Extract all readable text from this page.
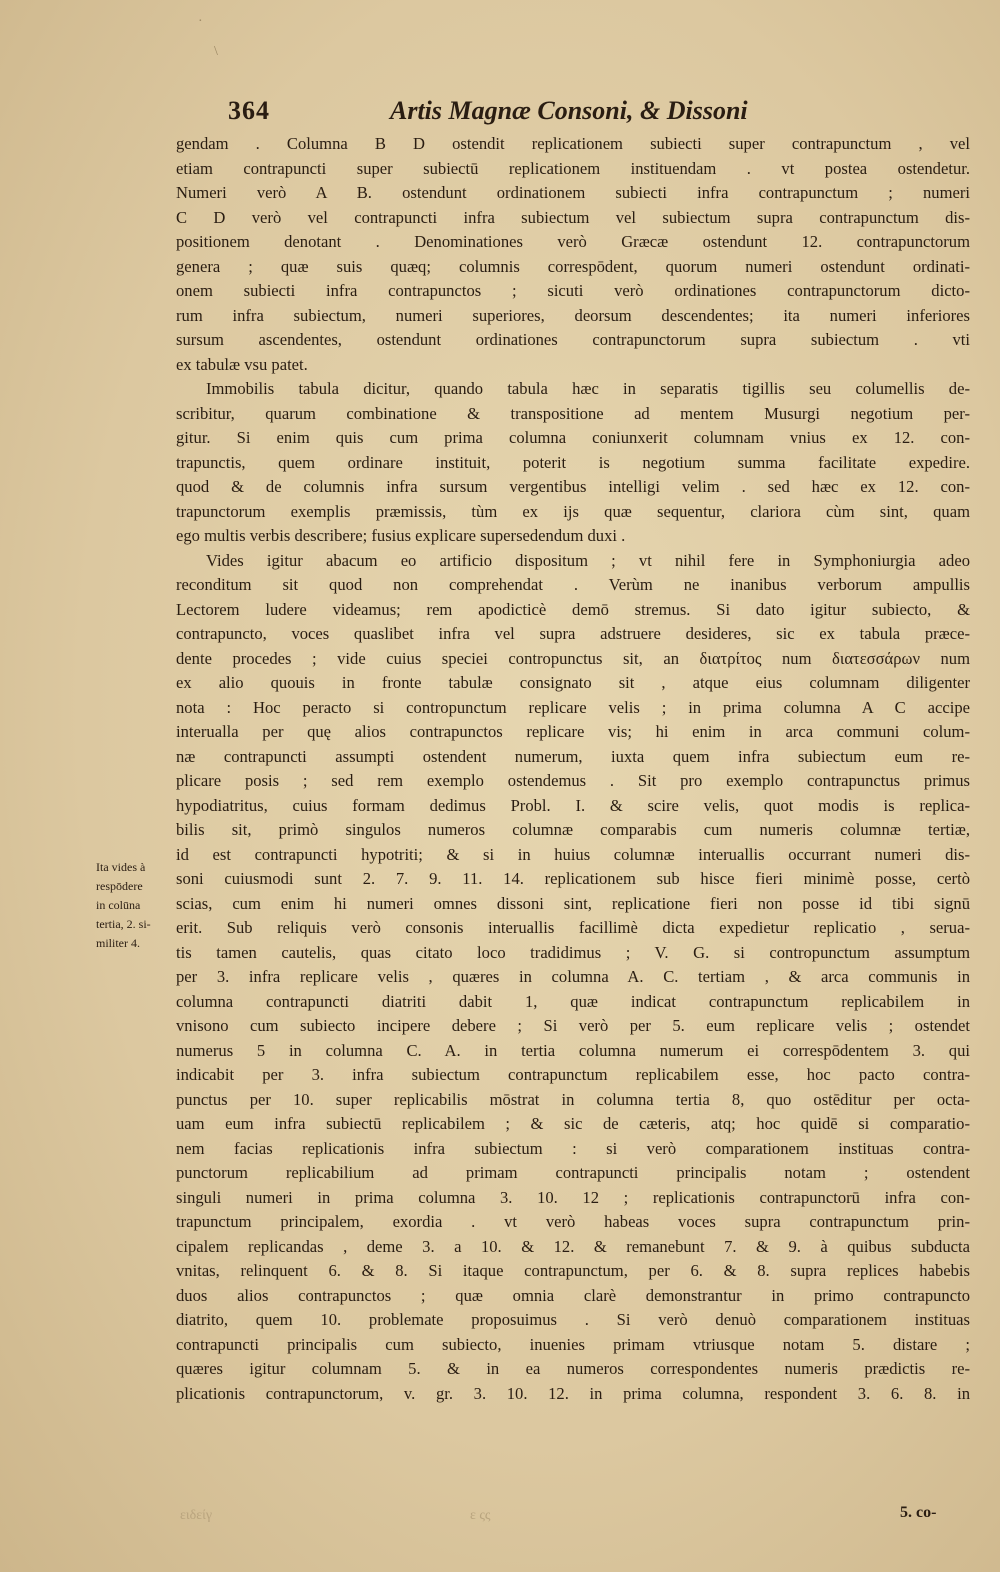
·
\
364	Artis Magnæ Consoni, & Dissoni
gendam . Columna B D ostendit replicationem subiecti super contrapunctum , vel
etiam contrapuncti super subiectū replicationem instituendam . vt postea ostendetur.
Numeri verò A B. ostendunt ordinationem subiecti infra contrapunctum ; numeri
C D verò vel contrapuncti infra subiectum vel subiectum supra contrapunctum dis-
positionem denotant . Denominationes verò Græcæ ostendunt 12. contrapunctorum
genera ; quæ suis quæq; columnis correspōdent, quorum numeri ostendunt ordinati-
onem subiecti infra contrapunctos ; sicuti verò ordinationes contrapunctorum dicto-
rum infra subiectum, numeri superiores, deorsum descendentes; ita numeri inferiores
sursum ascendentes, ostendunt ordinationes contrapunctorum supra subiectum . vti
ex tabulæ vsu patet.
Immobilis tabula dicitur, quando tabula hæc in separatis tigillis seu columellis de-
scribitur, quarum combinatione & transpositione ad mentem Musurgi negotium per-
gitur. Si enim quis cum prima columna coniunxerit columnam vnius ex 12. con-
trapunctis, quem ordinare instituit, poterit is negotium summa facilitate expedire.
quod & de columnis infra sursum vergentibus intelligi velim . sed hæc ex 12. con-
trapunctorum exemplis præmissis, tùm ex ijs quæ sequentur, clariora cùm sint, quam
ego multis verbis describere; fusius explicare supersedendum duxi .
Vides igitur abacum eo artificio dispositum ; vt nihil fere in Symphoniurgia adeo
reconditum sit quod non comprehendat . Verùm ne inanibus verborum ampullis
Lectorem ludere videamus; rem apodicticè demō stremus. Si dato igitur subiecto, &
contrapuncto, voces quaslibet infra vel supra adstruere desideres, sic ex tabula præce-
dente procedes ; vide cuius speciei contropunctus sit, an διατρίτος num διατεσσάρων num
ex alio quouis in fronte tabulæ consignato sit , atque eius columnam diligenter
nota : Hoc peracto si contropunctum replicare velis ; in prima columna A C accipe
interualla per quę alios contrapunctos replicare vis; hi enim in arca communi colum-
næ contrapuncti assumpti ostendent numerum, iuxta quem infra subiectum eum re-
plicare posis ; sed rem exemplo ostendemus . Sit pro exemplo contrapunctus primus
hypodiatritus, cuius formam dedimus Probl. I. & scire velis, quot modis is replica-
bilis sit, primò singulos numeros columnæ comparabis cum numeris columnæ tertiæ,
id est contrapuncti hypotriti; & si in huius columnæ interuallis occurrant numeri dis-
soni cuiusmodi sunt 2. 7. 9. 11. 14. replicationem sub hisce fieri minimè posse, certò
scias, cum enim hi numeri omnes dissoni sint, replicatione fieri non posse id tibi signū
erit. Sub reliquis verò consonis interuallis facillimè dicta expedietur replicatio , serua-
tis tamen cautelis, quas citato loco tradidimus ; V. G. si contropunctum assumptum
per 3. infra replicare velis , quæres in columna A. C. tertiam , & arca communis in
columna contrapuncti diatriti dabit 1, quæ indicat contrapunctum replicabilem in
vnisono cum subiecto incipere debere ; Si verò per 5. eum replicare velis ; ostendet
numerus 5 in columna C. A. in tertia columna numerum ei correspōdentem 3. qui
indicabit per 3. infra subiectum contrapunctum replicabilem esse, hoc pacto contra-
punctus per 10. super replicabilis mōstrat in columna tertia 8, quo ostēditur per octa-
uam eum infra subiectū replicabilem ; & sic de cæteris, atq; hoc quidē si comparatio-
nem facias replicationis infra subiectum : si verò comparationem instituas contra-
punctorum replicabilium ad primam contrapuncti principalis notam ; ostendent
singuli numeri in prima columna 3. 10. 12 ; replicationis contrapunctorū infra con-
trapunctum principalem, exordia . vt verò habeas voces supra contrapunctum prin-
cipalem replicandas , deme 3. a 10. & 12. & remanebunt 7. & 9. à quibus subducta
vnitas, relinquent 6. & 8. Si itaque contrapunctum, per 6. & 8. supra replices habebis
duos alios contrapunctos ; quæ omnia clarè demonstrantur in primo contrapuncto
diatrito, quem 10. problemate proposuimus . Si verò denuò comparationem instituas
contrapuncti principalis cum subiecto, inuenies primam vtriusque notam 5. distare ;
quæres igitur columnam 5. & in ea numeros correspondentes numeris prædictis re-
plicationis contrapunctorum, v. gr. 3. 10. 12. in prima columna, respondent 3. 6. 8. in
Ita vides à
respōdere
in colūna
tertia, 2. si-
militer 4.
ειδείγ	ε ςς	5. co-
